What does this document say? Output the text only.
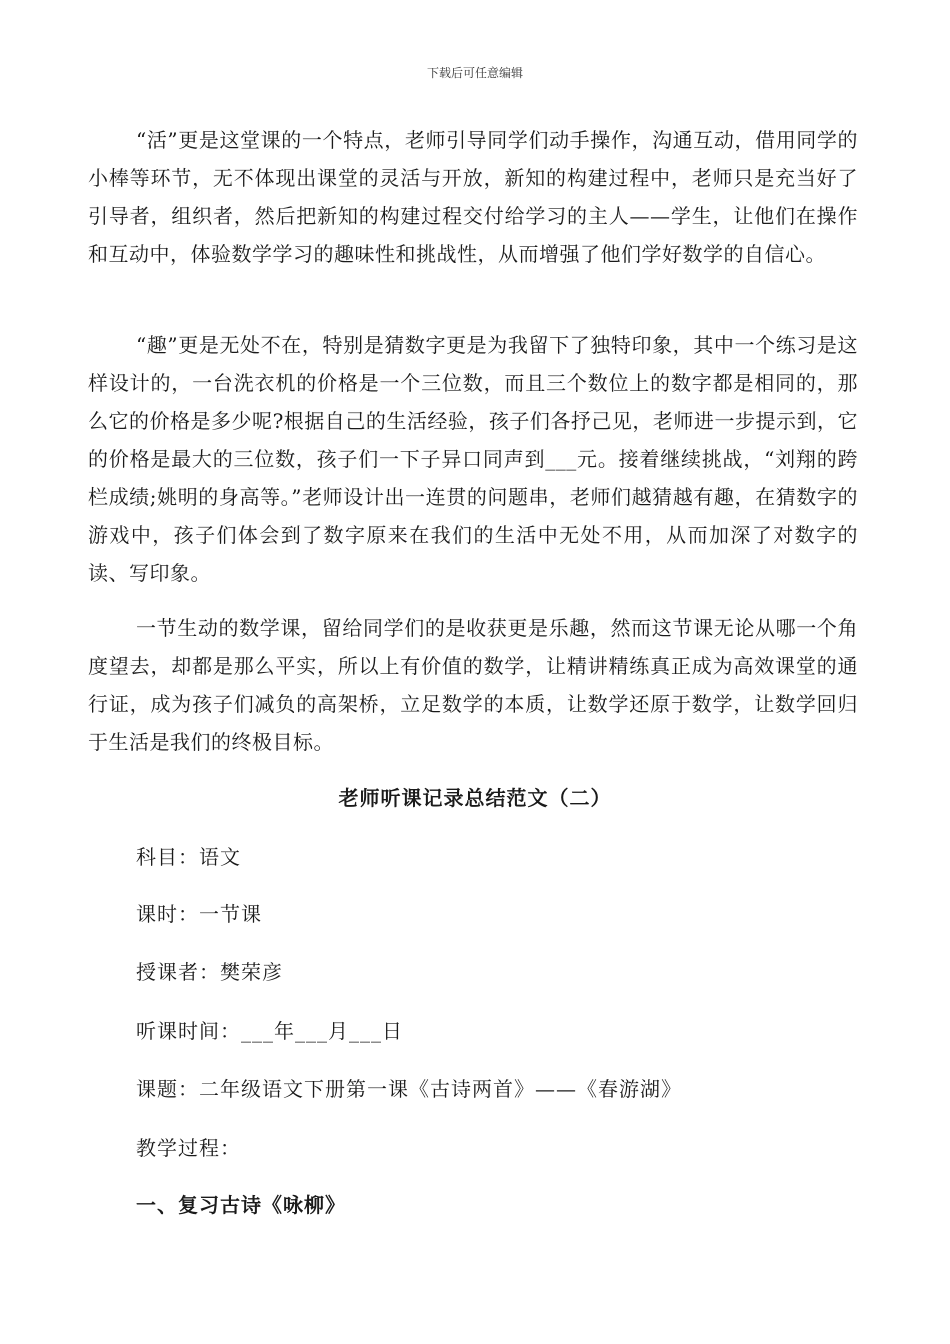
下载后可任意编辑

“活”更是这堂课的一个特点，老师引导同学们动手操作，沟通互动，借用同学的小棒等环节，无不体现出课堂的灵活与开放，新知的构建过程中，老师只是充当好了引导者，组织者，然后把新知的构建过程交付给学习的主人——学生，让他们在操作和互动中，体验数学学习的趣味性和挑战性，从而增强了他们学好数学的自信心。

“趣”更是无处不在，特别是猜数字更是为我留下了独特印象，其中一个练习是这样设计的，一台洗衣机的价格是一个三位数，而且三个数位上的数字都是相同的，那么它的价格是多少呢?根据自己的生活经验，孩子们各抒己见，老师进一步提示到，它的价格是最大的三位数，孩子们一下子异口同声到___元。接着继续挑战，“刘翔的跨栏成绩;姚明的身高等。”老师设计出一连贯的问题串，老师们越猜越有趣，在猜数字的游戏中，孩子们体会到了数字原来在我们的生活中无处不用，从而加深了对数字的读、写印象。

一节生动的数学课，留给同学们的是收获更是乐趣，然而这节课无论从哪一个角度望去，却都是那么平实，所以上有价值的数学，让精讲精练真正成为高效课堂的通行证，成为孩子们减负的高架桥，立足数学的本质，让数学还原于数学，让数学回归于生活是我们的终极目标。

老师听课记录总结范文（二）
科目：语文
课时：一节课
授课者：樊荣彦
听课时间：___年___月___日
课题：二年级语文下册第一课《古诗两首》——《春游湖》
教学过程：
一、复习古诗《咏柳》
